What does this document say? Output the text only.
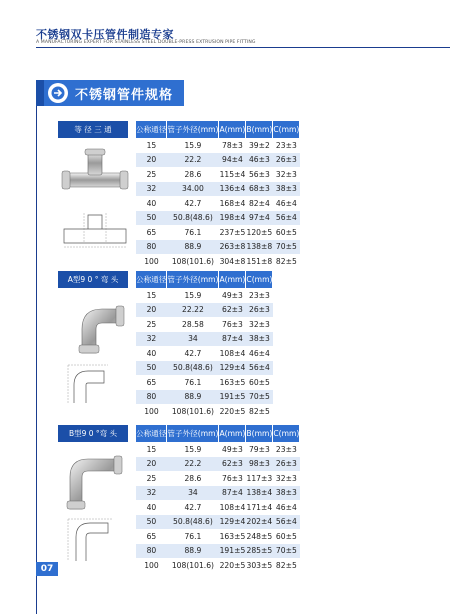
不锈钢双卡压管件制造专家
A MANUFACTURING EXPERT FOR STAINLESS STEEL DOUBLE-PRESS EXTRUSION PIPE FITTING
不锈钢管件规格
等 径 三 通	公称通径	管子外径(mm)	A(mm)	B(mm)	C(mm)
15	15.9	78±3	39±2	23±3
20	22.2	94±4	46±3	26±3
25	28.6	115±4	56±3	32±3
32	34.00	136±4	68±3	38±3
40	42.7	168±4	82±4	46±4
50	50.8(48.6)	198±4	97±4	56±4
65	76.1	237±5	120±5	60±5
80	88.9	263±8	138±8	70±5
100	108(101.6)	304±8	151±8	82±5
A型9 0 ° 弯 头	公称通径	管子外径(mm)	A(mm)	C(mm)
15	15.9	49±3	23±3
20	22.22	62±3	26±3
25	28.58	76±3	32±3
32	34	87±4	38±3
40	42.7	108±4	46±4
50	50.8(48.6)	129±4	56±4
65	76.1	163±5	60±5
80	88.9	191±5	70±5
100	108(101.6)	220±5	82±5
B型9 0 °弯 头	公称通径	管子外径(mm)	A(mm)	B(mm)	C(mm)
15	15.9	49±3	79±3	23±3
20	22.2	62±3	98±3	26±3
25	28.6	76±3	117±3	32±3
32	34	87±4	138±4	38±3
40	42.7	108±4	171±4	46±4
50	50.8(48.6)	129±4	202±4	56±4
65	76.1	163±5	248±5	60±5
80	88.9	191±5	285±5	70±5
100	108(101.6)	220±5	303±5	82±5
07
